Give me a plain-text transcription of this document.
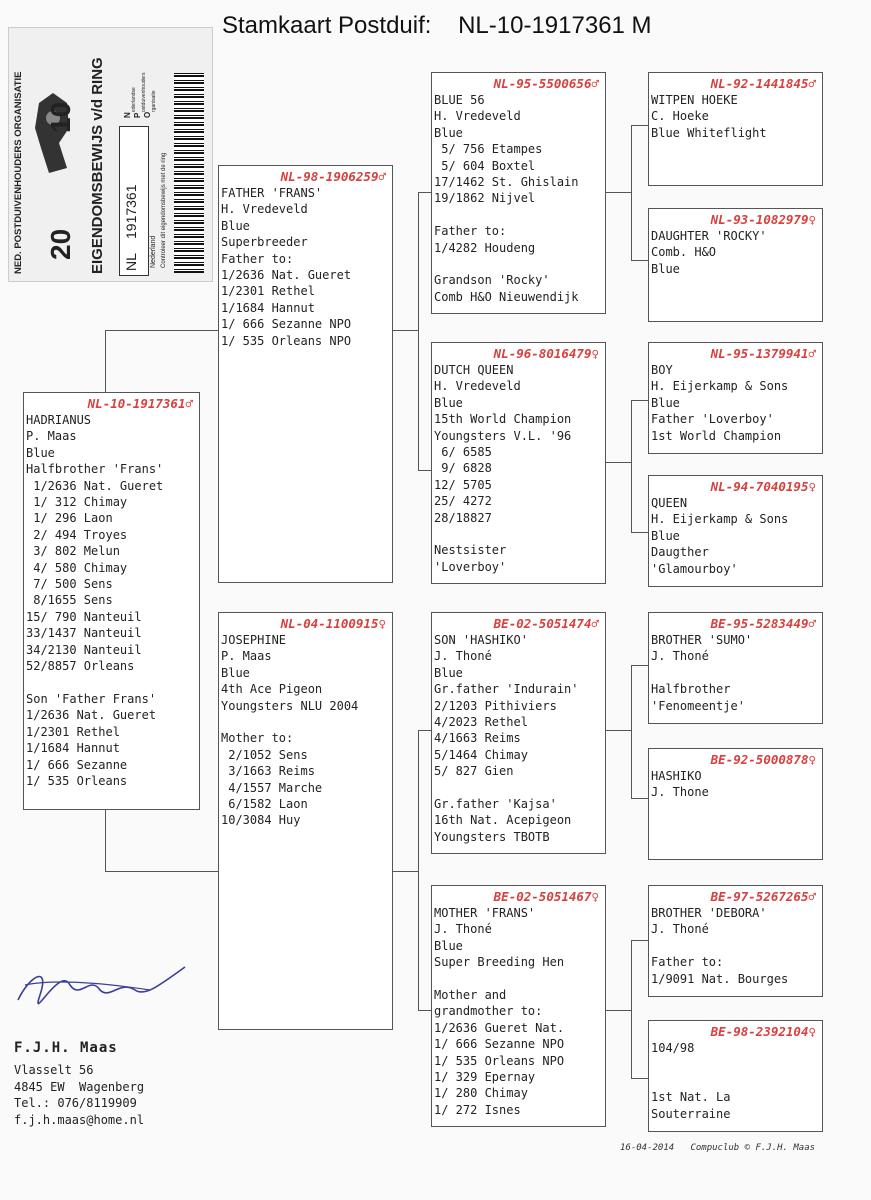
Stamkaart Postduif:    NL-10-1917361 M
NED. POSTDUIVENHOUDERS ORGANISATIE	EIGENDOMSBEWIJS v/d RING
20
10
NL
1917361
Nederland Controleer dit eigendomsbewijs met de ring
N P O
ederlandse ostduivenhouders rganisatie
NL-10-1917361♂
HADRIANUS
P. Maas
Blue
Halfbrother 'Frans'
1/2636 Nat. Gueret
1/ 312 Chimay
1/ 296 Laon
2/ 494 Troyes
3/ 802 Melun
4/ 580 Chimay
7/ 500 Sens
8/1655 Sens
15/ 790 Nanteuil
33/1437 Nanteuil
34/2130 Nanteuil
52/8857 Orleans
Son 'Father Frans'
1/2636 Nat. Gueret
1/2301 Rethel
1/1684 Hannut
1/ 666 Sezanne
1/ 535 Orleans
NL-98-1906259♂
FATHER 'FRANS'
H. Vredeveld
Blue
Superbreeder
Father to:
1/2636 Nat. Gueret
1/2301 Rethel
1/1684 Hannut
1/ 666 Sezanne NPO
1/ 535 Orleans NPO
NL-04-1100915♀
JOSEPHINE
P. Maas
Blue
4th Ace Pigeon
Youngsters NLU 2004
Mother to:
2/1052 Sens
3/1663 Reims
4/1557 Marche
6/1582 Laon
10/3084 Huy
NL-95-5500656♂
BLUE 56
H. Vredeveld
Blue
5/ 756 Etampes
5/ 604 Boxtel
17/1462 St. Ghislain
19/1862 Nijvel
Father to:
1/4282 Houdeng
Grandson 'Rocky'
Comb H&O Nieuwendijk
NL-96-8016479♀
DUTCH QUEEN
H. Vredeveld
Blue
15th World Champion
Youngsters V.L. '96
6/ 6585
9/ 6828
12/ 5705
25/ 4272
28/18827
Nestsister
'Loverboy'
BE-02-5051474♂
SON 'HASHIKO'
J. Thoné
Blue
Gr.father 'Indurain'
2/1203 Pithiviers
4/2023 Rethel
4/1663 Reims
5/1464 Chimay
5/ 827 Gien
Gr.father 'Kajsa'
16th Nat. Acepigeon
Youngsters TBOTB
BE-02-5051467♀
MOTHER 'FRANS'
J. Thoné
Blue
Super Breeding Hen
Mother and
grandmother to:
1/2636 Gueret Nat.
1/ 666 Sezanne NPO
1/ 535 Orleans NPO
1/ 329 Epernay
1/ 280 Chimay
1/ 272 Isnes
NL-92-1441845♂
WITPEN HOEKE
C. Hoeke
Blue Whiteflight
NL-93-1082979♀
DAUGHTER 'ROCKY'
Comb. H&O
Blue
NL-95-1379941♂
BOY
H. Eijerkamp & Sons
Blue
Father 'Loverboy'
1st World Champion
NL-94-7040195♀
QUEEN
H. Eijerkamp & Sons
Blue
Daugther
'Glamourboy'
BE-95-5283449♂
BROTHER 'SUMO'
J. Thoné
Halfbrother
'Fenomeentje'
BE-92-5000878♀
HASHIKO
J. Thone
BE-97-5267265♂
BROTHER 'DEBORA'
J. Thoné
Father to:
1/9091 Nat. Bourges
BE-98-2392104♀
104/98
1st Nat. La
Souterraine
F.J.H. Maas
Vlasselt 56
4845 EW  Wagenberg
Tel.: 076/8119909
f.j.h.maas@home.nl
16-04-2014   Compuclub © F.J.H. Maas
